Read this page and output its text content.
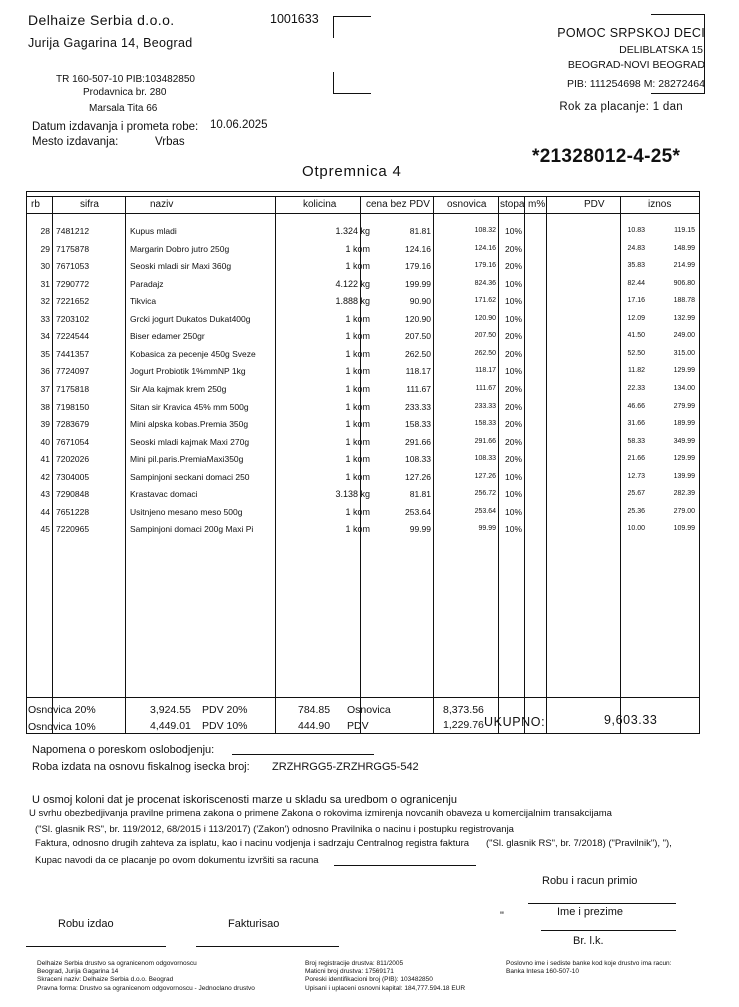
Delhaize Serbia d.o.o.
Jurija Gagarina 14, Beograd
1001633
TR 160-507-10 PIB:103482850
Prodavnica br. 280
Marsala Tita 66
Datum izdavanja i prometa robe: 10.06.2025
Mesto izdavanja:	Vrbas
POMOC SRPSKOJ DECI
DELIBLATSKA 15
BEOGRAD-NOVI BEOGRAD
PIB: 111254698 M: 28272464
Rok za placanje: 1 dan
*21328012-4-25*
Otpremnica 4
rb	sifra	naziv	kolicina	cena bez PDV osnovica stopa m%	PDV	iznos
28 7481212	Kupus mladi	1.324 kg	81.81	108.32 10%	10.83	119.15
29 7175878	Margarin Dobro jutro 250g	1 kom	124.16	124.16 20%	24.83	148.99
30 7671053	Seoski mladi sir Maxi 360g	1 kom	179.16	179.16 20%	35.83	214.99
31 7290772	Paradajz	4.122 kg	199.99	824.36 10%	82.44	906.80
32 7221652	Tikvica	1.888 kg	90.90	171.62 10%	17.16	188.78
33 7203102	Grcki jogurt Dukatos Dukat400g	1 kom	120.90	120.90 10%	12.09	132.99
34 7224544	Biser edamer 250gr	1 kom	207.50	207.50 20%	41.50	249.00
35 7441357	Kobasica za pecenje 450g Sveze	1 kom	262.50	262.50 20%	52.50	315.00
36 7724097	Jogurt Probiotik 1%mmNP 1kg	1 kom	118.17	118.17 10%	11.82	129.99
37 7175818	Sir Ala kajmak krem 250g	1 kom	111.67	111.67 20%	22.33	134.00
38 7198150	Sitan sir Kravica 45% mm 500g	1 kom	233.33	233.33 20%	46.66	279.99
39 7283679	Mini alpska kobas.Premia 350g	1 kom	158.33	158.33 20%	31.66	189.99
40 7671054	Seoski mladi kajmak Maxi 270g	1 kom	291.66	291.66 20%	58.33	349.99
41 7202026	Mini pil.paris.PremiaMaxi350g	1 kom	108.33	108.33 20%	21.66	129.99
42 7304005	Sampinjoni seckani domaci 250	1 kom	127.26	127.26 10%	12.73	139.99
43 7290848	Krastavac domaci	3.138 kg	81.81	256.72 10%	25.67	282.39
44 7651228	Usitnjeno mesano meso 500g	1 kom	253.64	253.64 10%	25.36	279.00
45 7220965	Sampinjoni domaci 200g Maxi Pi	1 kom	99.99	99.99 10%	10.00	109.99
Osnovica 20%	3,924.55 PDV 20%	784.85 Osnovica	8,373.56
Osnovica 10%	4,449.01 PDV 10%	444.90 PDV	1,229.76 UKUPNO:	9,603.33
Napomena o poreskom oslobodjenju:
Roba izdata na osnovu fiskalnog isecka broj: ZRZHRGG5-ZRZHRGG5-542
U osmoj koloni dat je procenat iskoriscenosti marze u skladu sa uredbom o ogranicenju
U svrhu obezbedjivanja pravilne primena zakona o primene Zakona o rokovima izmirenja novcanih obaveza u komercijalnim transakcijama
("Sl. glasnik RS", br. 119/2012, 68/2015 i 113/2017) ('Zakon') odnosno Pravilnika o nacinu i postupku registrovanja
Faktura, odnosno drugih zahteva za isplatu, kao i nacinu vodjenja i sadrzaju Centralnog registra faktura ("Sl. glasnik RS", br. 7/2018) ("Pravilnik"), "),
Kupac navodi da ce placanje po ovom dokumentu izvršiti sa racuna
Robu i racun primio
Ime i prezime
Br. l.k.
"
Robu izdao	Fakturisao
Delhaize Serbia drustvo sa ogranicenom odgovornoscu
Beograd, Jurija Gagarina 14
Skraceni naziv: Delhaize Serbia d.o.o. Beograd
Pravna forma: Drustvo sa ogranicenom odgovornoscu - Jednoclano drustvo
Broj registracije drustva: 811/2005
Maticni broj drustva: 17569171
Poreski identifikacioni broj (PIB): 103482850
Upisani i uplaceni osnovni kapital: 184,777.594.18 EUR
Poslovno ime i sediste banke kod koje drustvo ima racun:
Banka Intesa 160-507-10
